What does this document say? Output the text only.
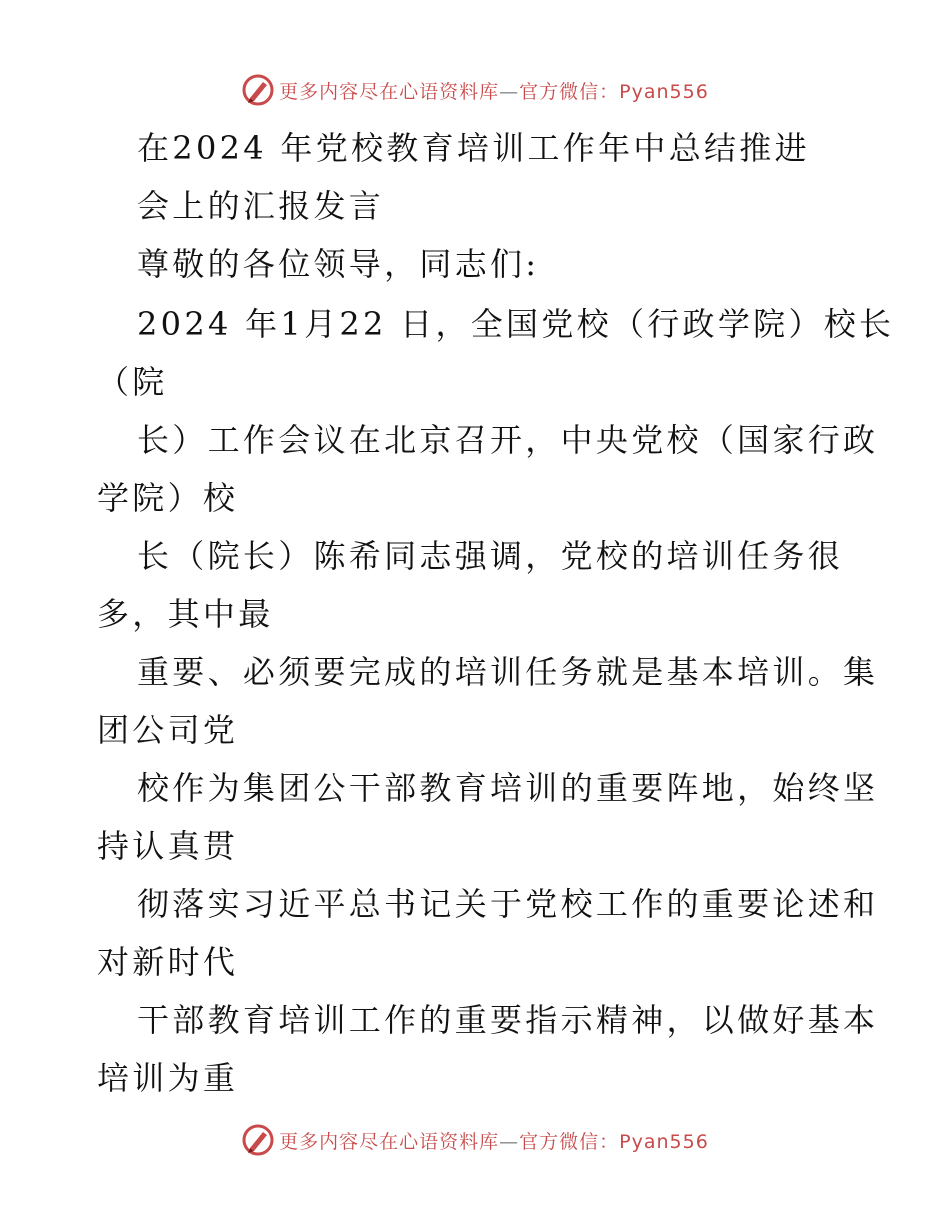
更多内容尽在心语资料库—官方微信：Pyan556
在2024 年党校教育培训工作年中总结推进
会上的汇报发言
尊敬的各位领导，同志们:
2024 年1月22 日，全国党校（行政学院）校长
（院
长）工作会议在北京召开，中央党校（国家行政
学院）校
长（院长）陈希同志强调，党校的培训任务很
多，其中最
重要、必须要完成的培训任务就是基本培训。集
团公司党
校作为集团公干部教育培训的重要阵地，始终坚
持认真贯
彻落实习近平总书记关于党校工作的重要论述和
对新时代
干部教育培训工作的重要指示精神，以做好基本
培训为重
更多内容尽在心语资料库—官方微信：Pyan556
